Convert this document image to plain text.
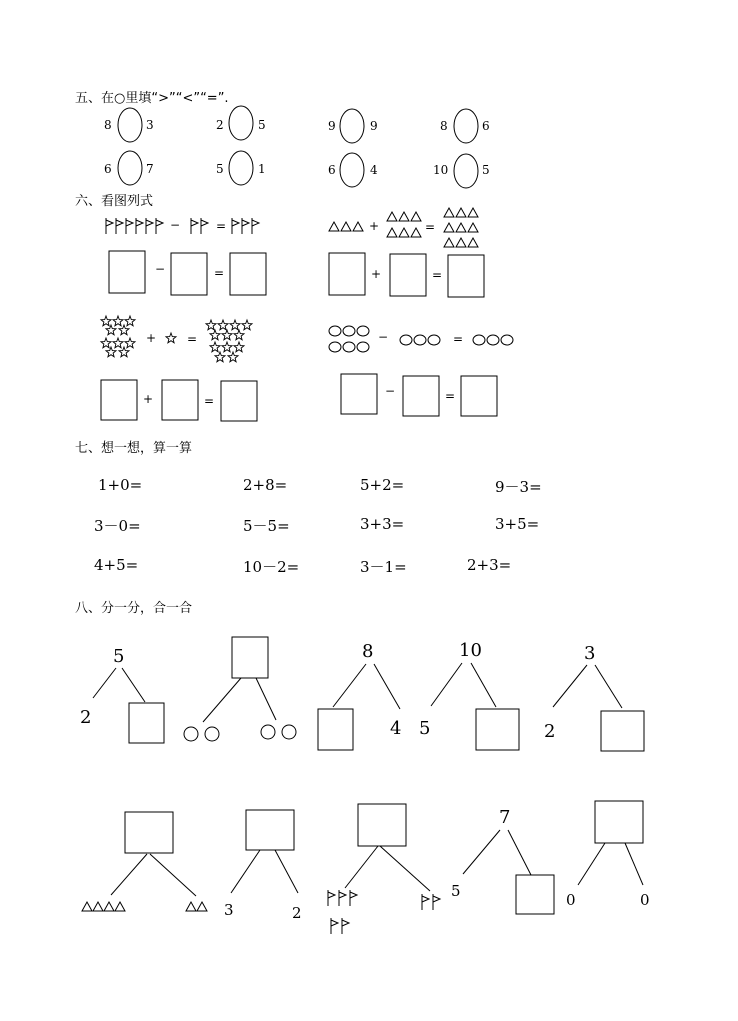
五、在○里填“>”“<”“=”.
8	3	2	5	9	9	8	6
6	7	5	1	6	4	10	5
六、看图列式
−	=	+	=
−	=	+	=
+	=	−	=
+	=
−	=
七、想一想，算一算
1+0=	2+8=	5+2=	9－3=
3－0=	5－5=	3+3=	3+5=
4+5=	10－2=	3－1=	2+3=
八、分一分，合一合
5
2
8
4
10
5
3
2
3	2
5
7
0	0
